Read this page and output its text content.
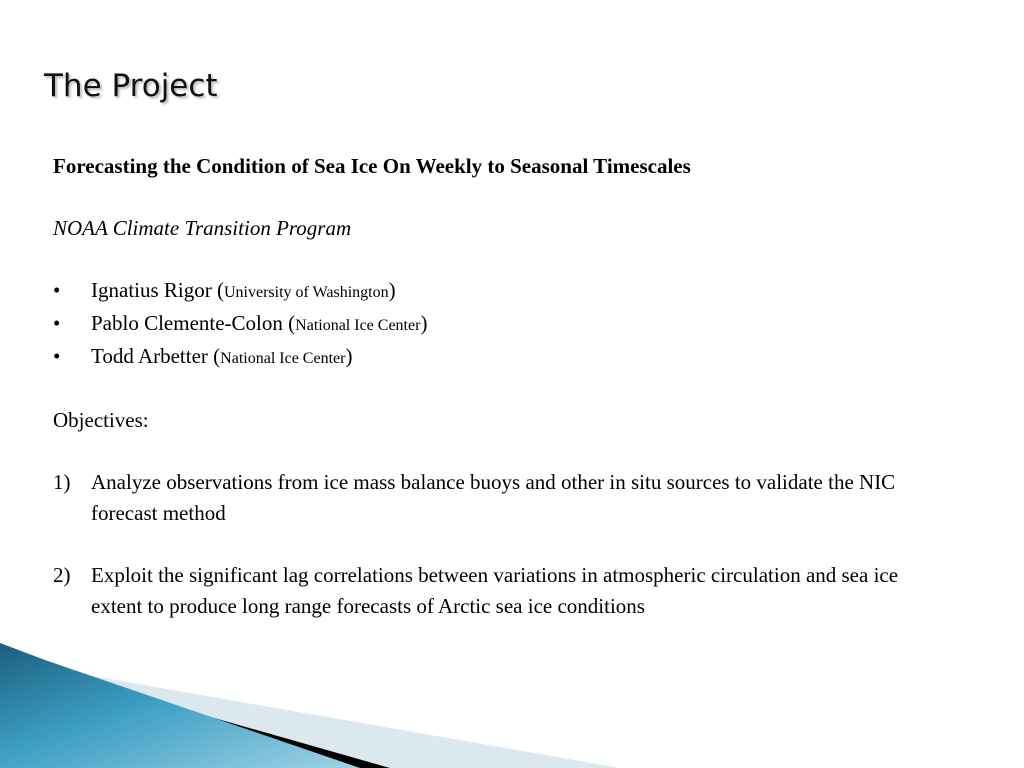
The Project

Forecasting the Condition of Sea Ice On Weekly to Seasonal Timescales

NOAA Climate Transition Program

•	Ignatius Rigor (University of Washington)
•	Pablo Clemente-Colon (National Ice Center)
•	Todd Arbetter (National Ice Center)

Objectives:

1) Analyze observations from ice mass balance buoys and other in situ sources to validate the NIC forecast method
2) Exploit the significant lag correlations between variations in atmospheric circulation and sea ice extent to produce long range forecasts of Arctic sea ice conditions
